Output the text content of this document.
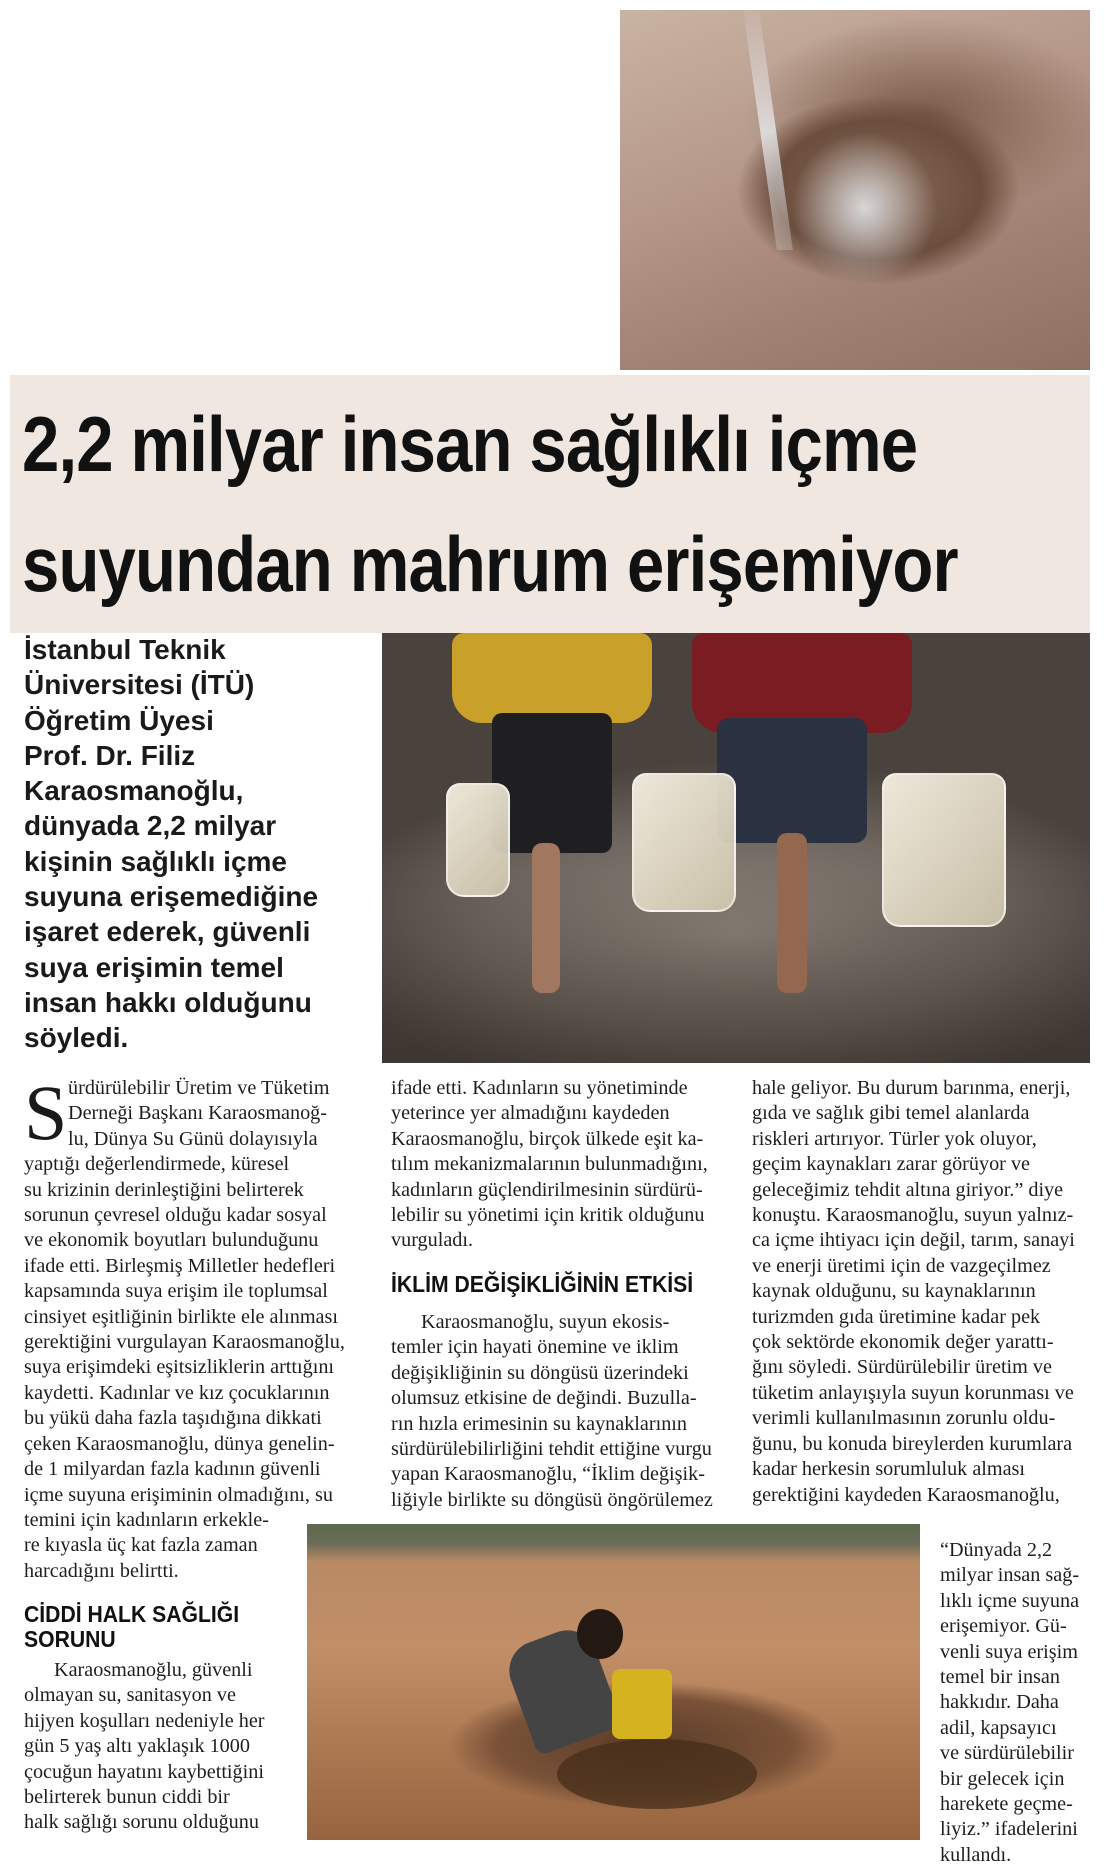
2,2 milyar insan sağlıklı içme
suyundan mahrum erişemiyor
İstanbul Teknik
Üniversitesi (İTÜ)
Öğretim Üyesi
Prof. Dr. Filiz
Karaosmanoğlu,
dünyada 2,2 milyar
kişinin sağlıklı içme
suyuna erişemediğine
işaret ederek, güvenli
suya erişimin temel
insan hakkı olduğunu
söyledi.
S ürdürülebilir Üretim ve Tüketim
Derneği Başkanı Karaosmanoğ-
lu, Dünya Su Günü dolayısıyla
yaptığı değerlendirmede, küresel
su krizinin derinleştiğini belirterek
sorunun çevresel olduğu kadar sosyal
ve ekonomik boyutları bulunduğunu
ifade etti. Birleşmiş Milletler hedefleri
kapsamında suya erişim ile toplumsal
cinsiyet eşitliğinin birlikte ele alınması
gerektiğini vurgulayan Karaosmanoğlu,
suya erişimdeki eşitsizliklerin arttığını
kaydetti. Kadınlar ve kız çocuklarının
bu yükü daha fazla taşıdığına dikkati
çeken Karaosmanoğlu, dünya genelin-
de 1 milyardan fazla kadının güvenli
içme suyuna erişiminin olmadığını, su
temini için kadınların erkekle-
re kıyasla üç kat fazla zaman
harcadığını belirtti.
CİDDİ HALK SAĞLIĞI
SORUNU
Karaosmanoğlu, güvenli
olmayan su, sanitasyon ve
hijyen koşulları nedeniyle her
gün 5 yaş altı yaklaşık 1000
çocuğun hayatını kaybettiğini
belirterek bunun ciddi bir
halk sağlığı sorunu olduğunu
ifade etti. Kadınların su yönetiminde
yeterince yer almadığını kaydeden
Karaosmanoğlu, birçok ülkede eşit ka-
tılım mekanizmalarının bulunmadığını,
kadınların güçlendirilmesinin sürdürü-
lebilir su yönetimi için kritik olduğunu
vurguladı.
İKLİM DEĞİŞİKLİĞİNİN ETKİSİ
Karaosmanoğlu, suyun ekosis-
temler için hayati önemine ve iklim
değişikliğinin su döngüsü üzerindeki
olumsuz etkisine de değindi. Buzulla-
rın hızla erimesinin su kaynaklarının
sürdürülebilirliğini tehdit ettiğine vurgu
yapan Karaosmanoğlu, “İklim değişik-
liğiyle birlikte su döngüsü öngörülemez
hale geliyor. Bu durum barınma, enerji,
gıda ve sağlık gibi temel alanlarda
riskleri artırıyor. Türler yok oluyor,
geçim kaynakları zarar görüyor ve
geleceğimiz tehdit altına giriyor.” diye
konuştu. Karaosmanoğlu, suyun yalnız-
ca içme ihtiyacı için değil, tarım, sanayi
ve enerji üretimi için de vazgeçilmez
kaynak olduğunu, su kaynaklarının
turizmden gıda üretimine kadar pek
çok sektörde ekonomik değer yarattı-
ğını söyledi. Sürdürülebilir üretim ve
tüketim anlayışıyla suyun korunması ve
verimli kullanılmasının zorunlu oldu-
ğunu, bu konuda bireylerden kurumlara
kadar herkesin sorumluluk alması
gerektiğini kaydeden Karaosmanoğlu,
“Dünyada 2,2
milyar insan sağ-
lıklı içme suyuna
erişemiyor. Gü-
venli suya erişim
temel bir insan
hakkıdır. Daha
adil, kapsayıcı
ve sürdürülebilir
bir gelecek için
harekete geçme-
liyiz.” ifadelerini
kullandı.
